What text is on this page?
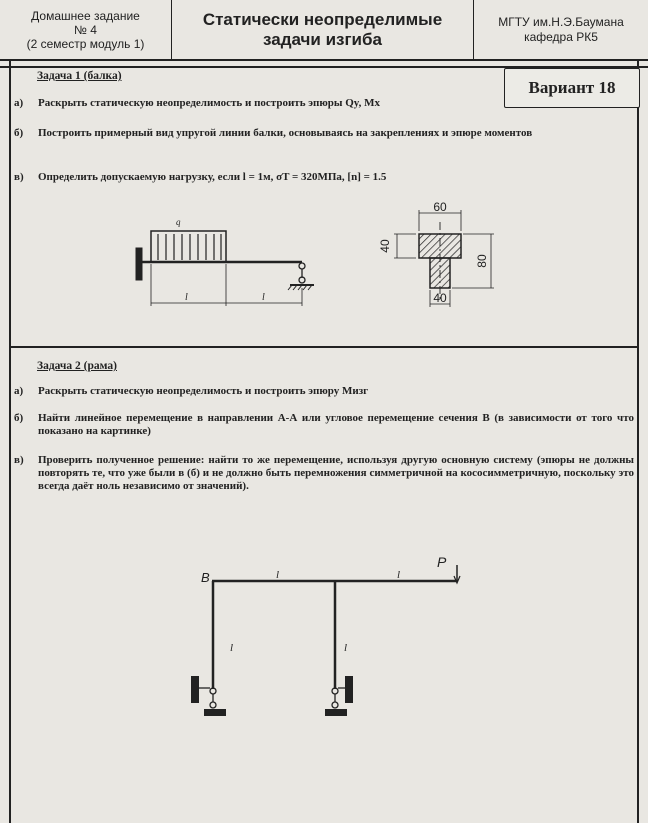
Домашнее задание
№ 4
(2 семестр модуль 1)
Статически неопределимые
задачи изгиба
МГТУ им.Н.Э.Баумана
кафедра РК5
Задача 1 (балка)
Вариант 18
а) Раскрыть статическую неопределимость и построить эпюры Qy, Mx
б) Построить примерный вид упругой линии балки, основываясь на закреплениях и эпюре моментов
в) Определить допускаемую нагрузку, если l = 1м, σT = 320МПа, [n] = 1.5
Задача 2 (рама)
а) Раскрыть статическую неопределимость и построить эпюру Mизг
б) Найти линейное перемещение в направлении А-А или угловое перемещение сечения В (в зависимости от того что показано на картинке)
в) Проверить полученное решение: найти то же перемещение, используя другую основную систему (эпюры не должны повторять те, что уже были в (б) и не должно быть перемножения симметричной на кососимметричную, поскольку это всегда даёт ноль независимо от значений).
q
l	l
60
40
80
40
B
P
l	l
l	l
